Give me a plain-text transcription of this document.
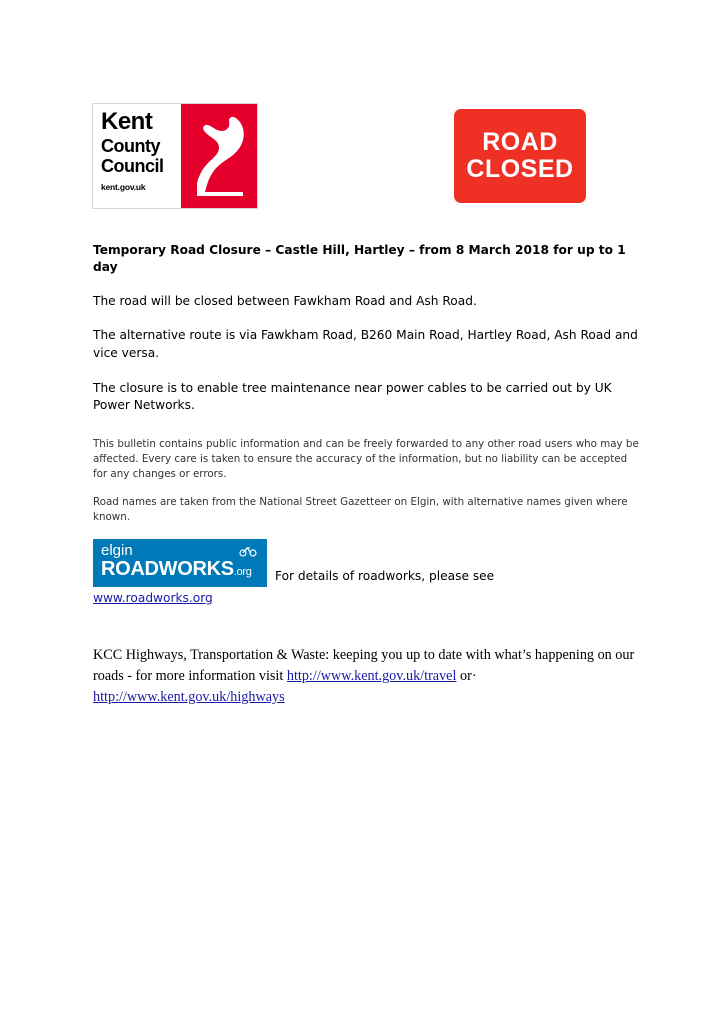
Kent
County
Council
kent.gov.uk
ROAD
CLOSED

Temporary Road Closure – Castle Hill, Hartley – from 8 March 2018 for up to 1 day

The road will be closed between Fawkham Road and Ash Road.

The alternative route is via Fawkham Road, B260 Main Road, Hartley Road, Ash Road and vice versa.

The closure is to enable tree maintenance near power cables to be carried out by UK Power Networks.

This bulletin contains public information and can be freely forwarded to any other road users who may be affected. Every care is taken to ensure the accuracy of the information, but no liability can be accepted for any changes or errors.

Road names are taken from the National Street Gazetteer on Elgin, with alternative names given where known.

elgin
ROADWORKS.org	For details of roadworks, please see
www.roadworks.org
KCC Highways, Transportation & Waste: keeping you up to date with what’s happening on our roads - for more information visit http://www.kent.gov.uk/travel or· http://www.kent.gov.uk/highways
